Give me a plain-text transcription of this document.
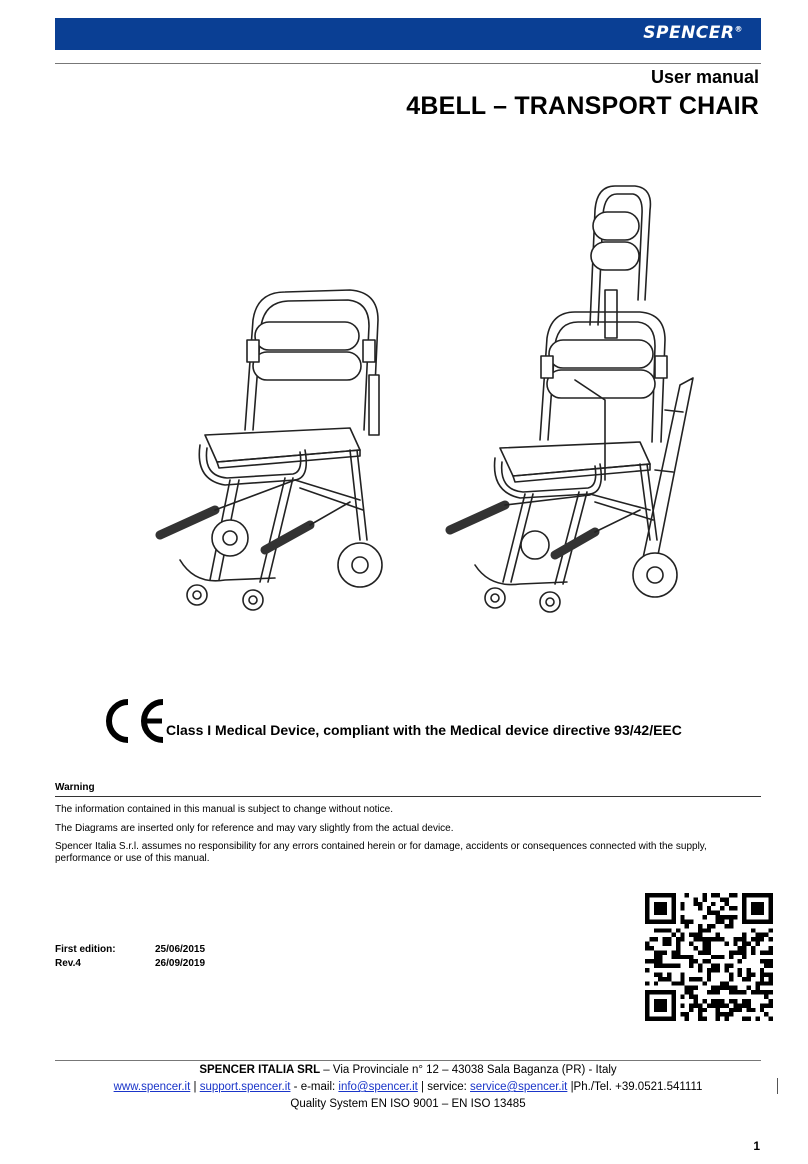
SPENCER®
User manual
4BELL – TRANSPORT CHAIR
Class I Medical Device, compliant with the Medical device directive 93/42/EEC
Warning
The information contained in this manual is subject to change without notice.
The Diagrams are inserted only for reference and may vary slightly from the actual device.
Spencer Italia S.r.l. assumes no responsibility for any errors contained herein or for damage, accidents or consequences connected with the supply,
performance or use of this manual.
First edition:	25/06/2015
Rev.4	26/09/2019
SPENCER ITALIA SRL – Via Provinciale n° 12 – 43038 Sala Baganza (PR) - Italy
www.spencer.it | support.spencer.it - e-mail: info@spencer.it | service: service@spencer.it |Ph./Tel. +39.0521.541111
Quality System EN ISO 9001 – EN ISO 13485
1
